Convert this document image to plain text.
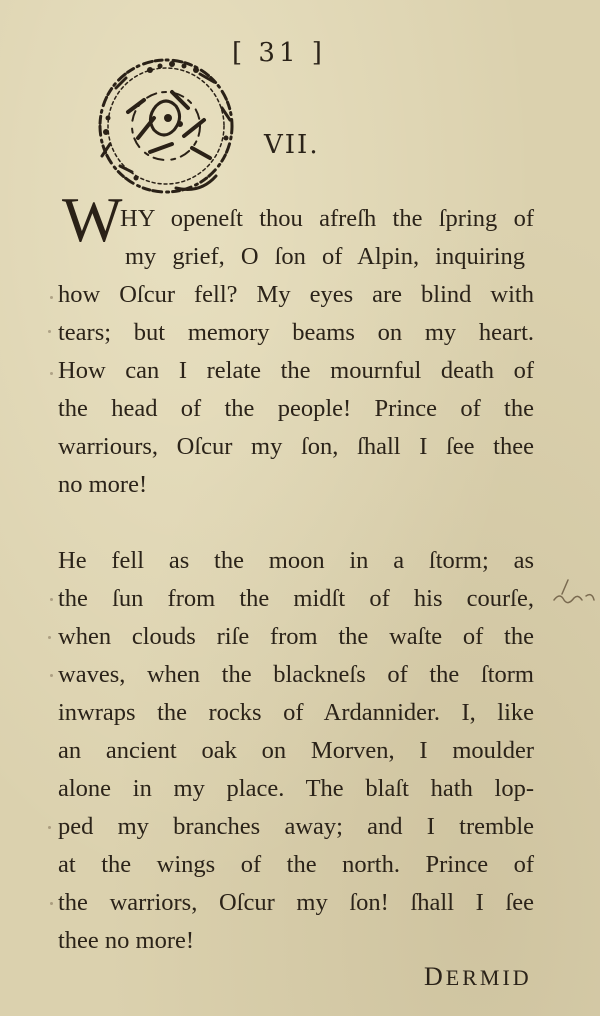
[ 31 ]
VII.
W
HY openeſt thou afreſh the ſpring of
my grief, O ſon of Alpin, inquiring
how Oſcur fell? My eyes are blind with
tears; but memory beams on my heart.
How can I relate the mournful death of
the head of the people! Prince of the
warriours, Oſcur my ſon, ſhall I ſee thee
no more!
He fell as the moon in a ſtorm; as
the ſun from the midſt of his courſe,
when clouds riſe from the waſte of the
waves, when the blackneſs of the ſtorm
inwraps the rocks of Ardannider. I, like
an ancient oak on Morven, I moulder
alone in my place. The blaſt hath lop-
ped my branches away; and I tremble
at the wings of the north. Prince of
the warriors, Oſcur my ſon! ſhall I ſee
thee no more!
DERMID
